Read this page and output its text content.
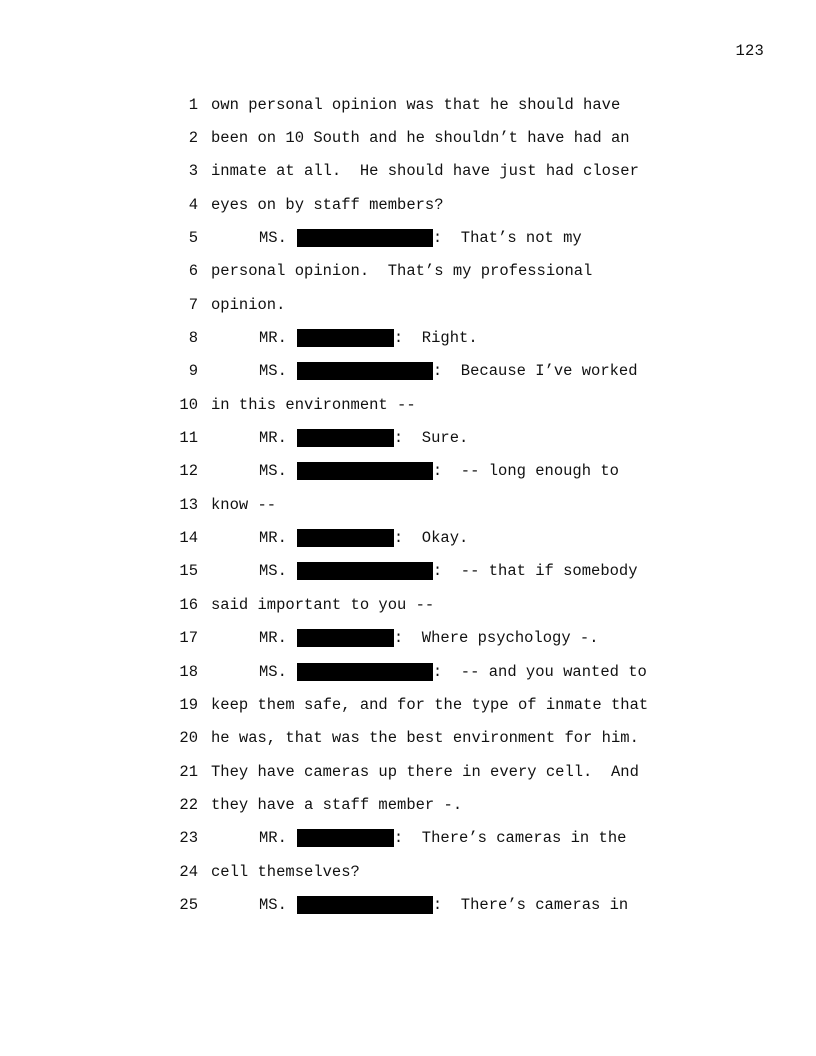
123
1 own personal opinion was that he should have
2 been on 10 South and he shouldn’t have had an
3 inmate at all.  He should have just had closer
4 eyes on by staff members?
5	MS.	:  That’s not my
6 personal opinion.  That’s my professional
7 opinion.
8	MR.	:  Right.
9	MS.	:  Because I’ve worked
10 in this environment --
11	MR.	:  Sure.
12	MS.	:  -- long enough to
13 know --
14	MR.	:  Okay.
15	MS.	:  -- that if somebody
16 said important to you --
17	MR.	:  Where psychology -.
18	MS.	:  -- and you wanted to
19 keep them safe, and for the type of inmate that
20 he was, that was the best environment for him.
21 They have cameras up there in every cell.  And
22 they have a staff member -.
23	MR.	:  There’s cameras in the
24 cell themselves?
25	MS.	:  There’s cameras in
